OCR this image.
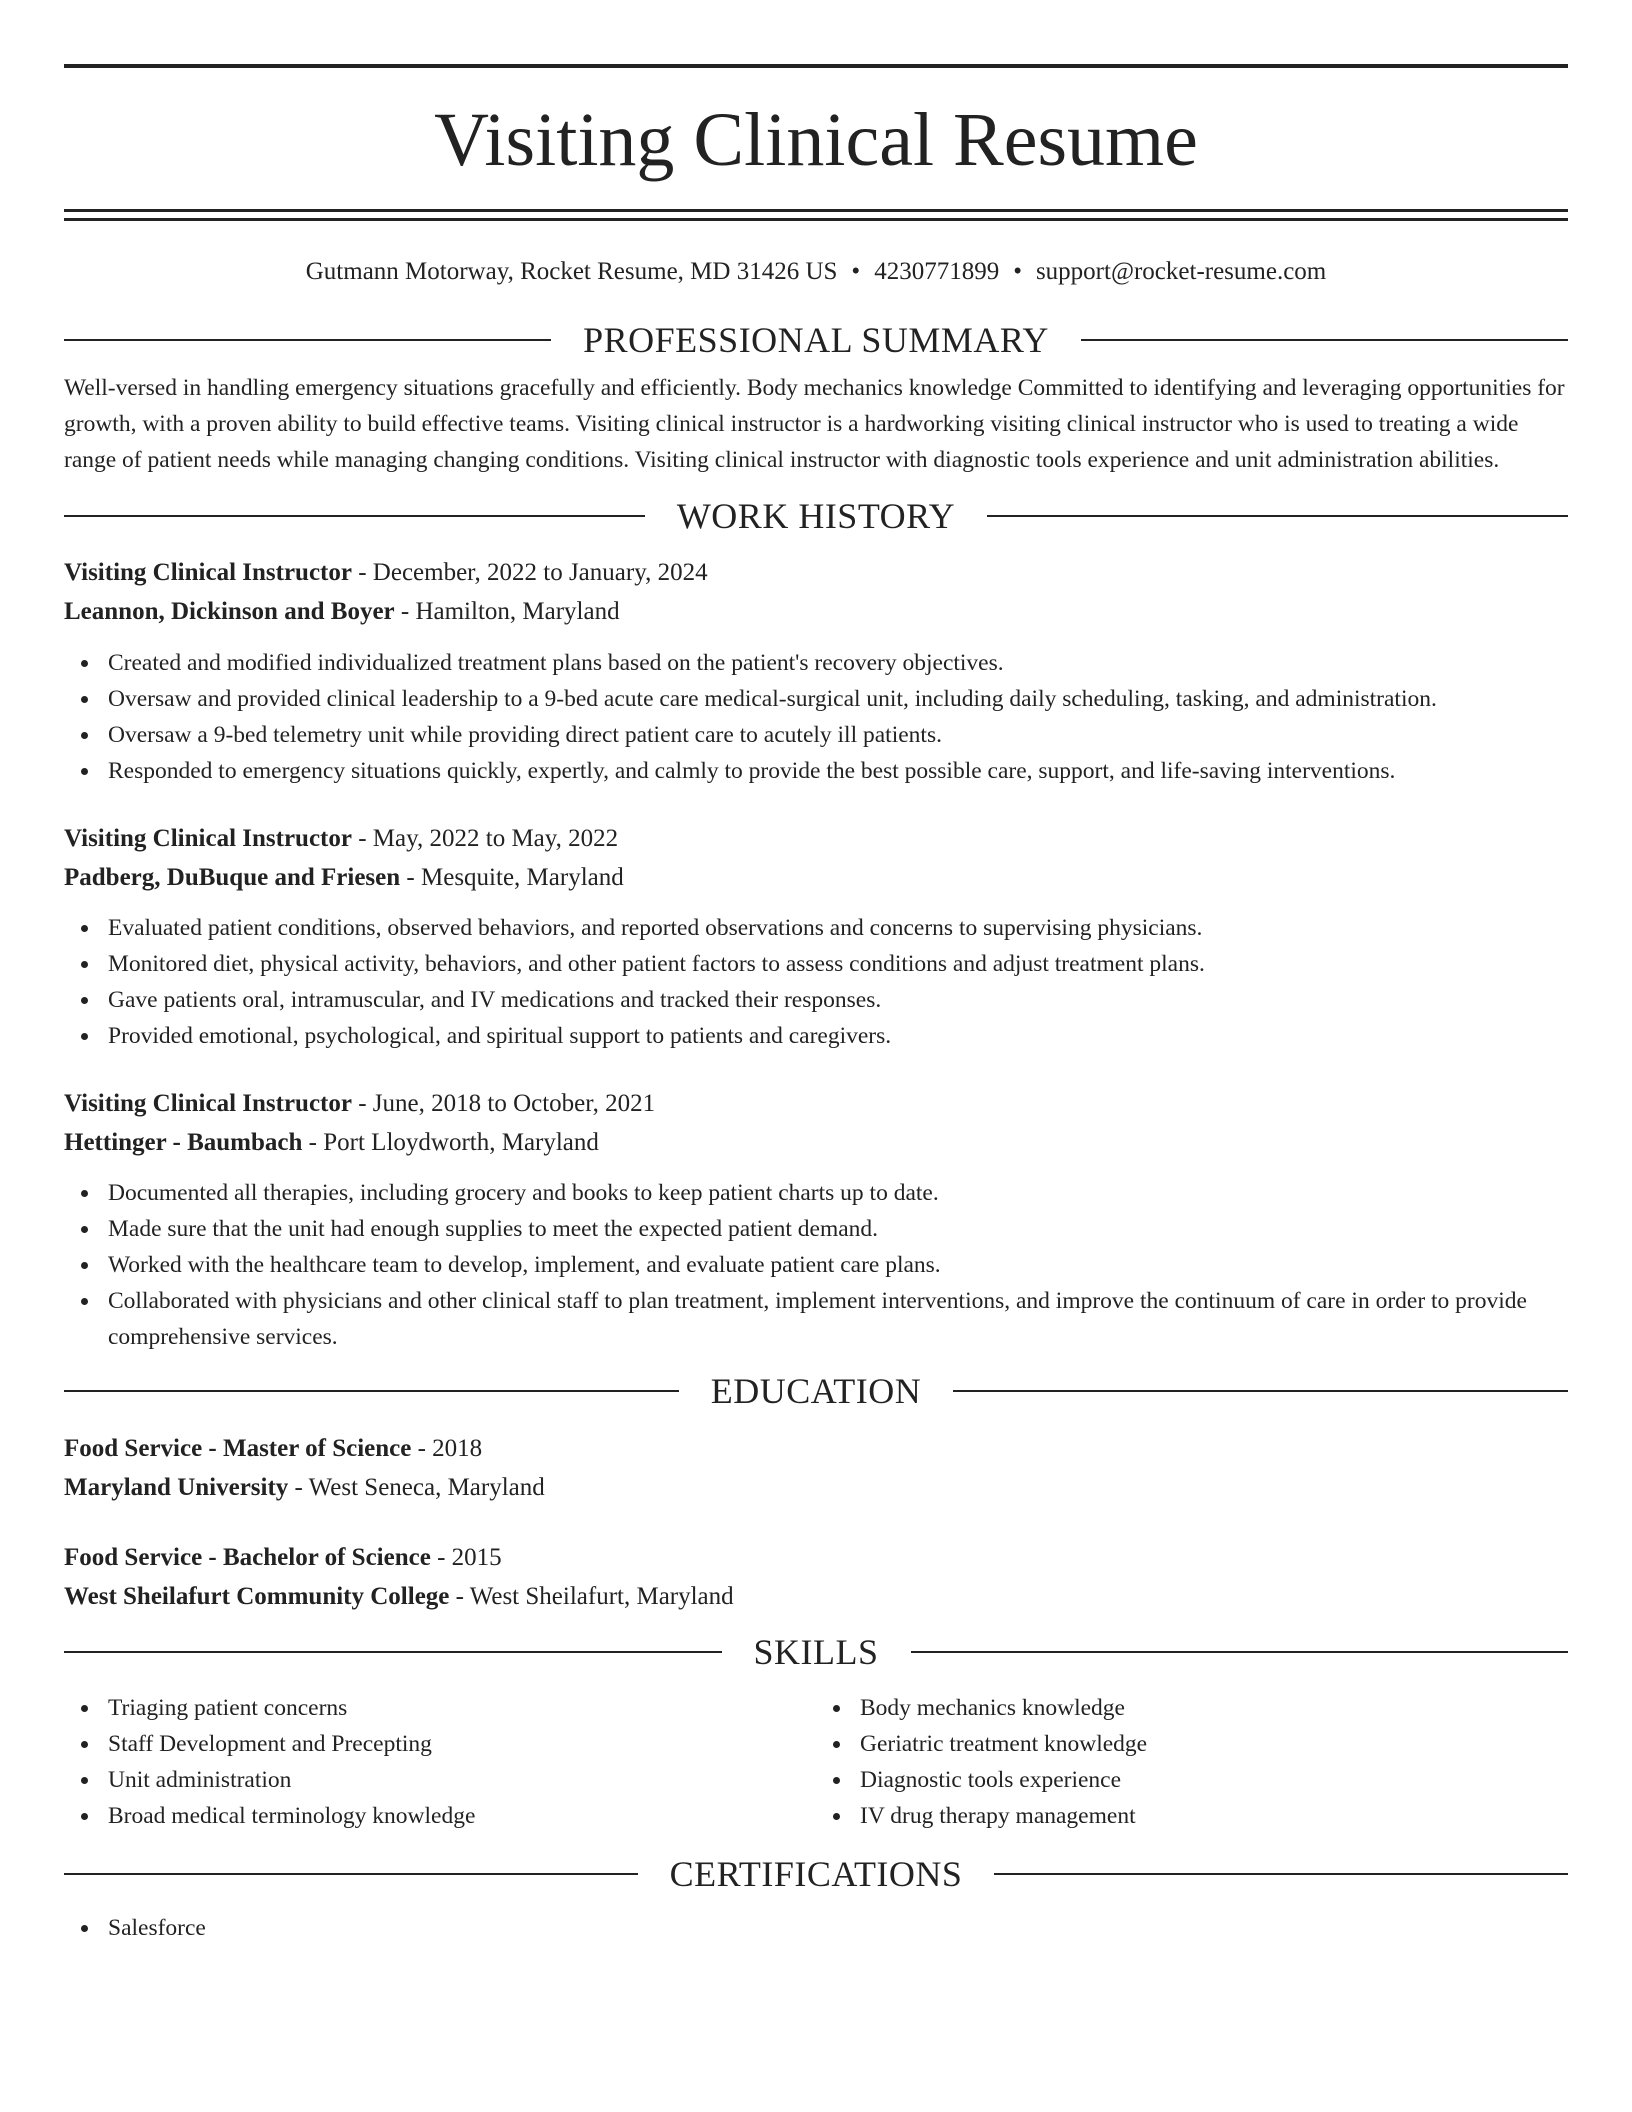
Visiting Clinical Resume
Gutmann Motorway, Rocket Resume, MD 31426 US • 4230771899 • support@rocket-resume.com
PROFESSIONAL SUMMARY

Well-versed in handling emergency situations gracefully and efficiently. Body mechanics knowledge Committed to identifying and leveraging opportunities for growth, with a proven ability to build effective teams. Visiting clinical instructor is a hardworking visiting clinical instructor who is used to treating a wide range of patient needs while managing changing conditions. Visiting clinical instructor with diagnostic tools experience and unit administration abilities.

WORK HISTORY
Visiting Clinical Instructor - December, 2022 to January, 2024
Leannon, Dickinson and Boyer - Hamilton, Maryland
Created and modified individualized treatment plans based on the patient's recovery objectives.
Oversaw and provided clinical leadership to a 9-bed acute care medical-surgical unit, including daily scheduling, tasking, and administration.
Oversaw a 9-bed telemetry unit while providing direct patient care to acutely ill patients.
Responded to emergency situations quickly, expertly, and calmly to provide the best possible care, support, and life-saving interventions.
Visiting Clinical Instructor - May, 2022 to May, 2022
Padberg, DuBuque and Friesen - Mesquite, Maryland
Evaluated patient conditions, observed behaviors, and reported observations and concerns to supervising physicians.
Monitored diet, physical activity, behaviors, and other patient factors to assess conditions and adjust treatment plans.
Gave patients oral, intramuscular, and IV medications and tracked their responses.
Provided emotional, psychological, and spiritual support to patients and caregivers.
Visiting Clinical Instructor - June, 2018 to October, 2021
Hettinger - Baumbach - Port Lloydworth, Maryland
Documented all therapies, including grocery and books to keep patient charts up to date.
Made sure that the unit had enough supplies to meet the expected patient demand.
Worked with the healthcare team to develop, implement, and evaluate patient care plans.
Collaborated with physicians and other clinical staff to plan treatment, implement interventions, and improve the continuum of care in order to provide comprehensive services.
EDUCATION
Food Service - Master of Science - 2018
Maryland University - West Seneca, Maryland
Food Service - Bachelor of Science - 2015
West Sheilafurt Community College - West Sheilafurt, Maryland
SKILLS
Triaging patient concerns
Staff Development and Precepting
Unit administration
Broad medical terminology knowledge
Body mechanics knowledge
Geriatric treatment knowledge
Diagnostic tools experience
IV drug therapy management
CERTIFICATIONS
Salesforce
